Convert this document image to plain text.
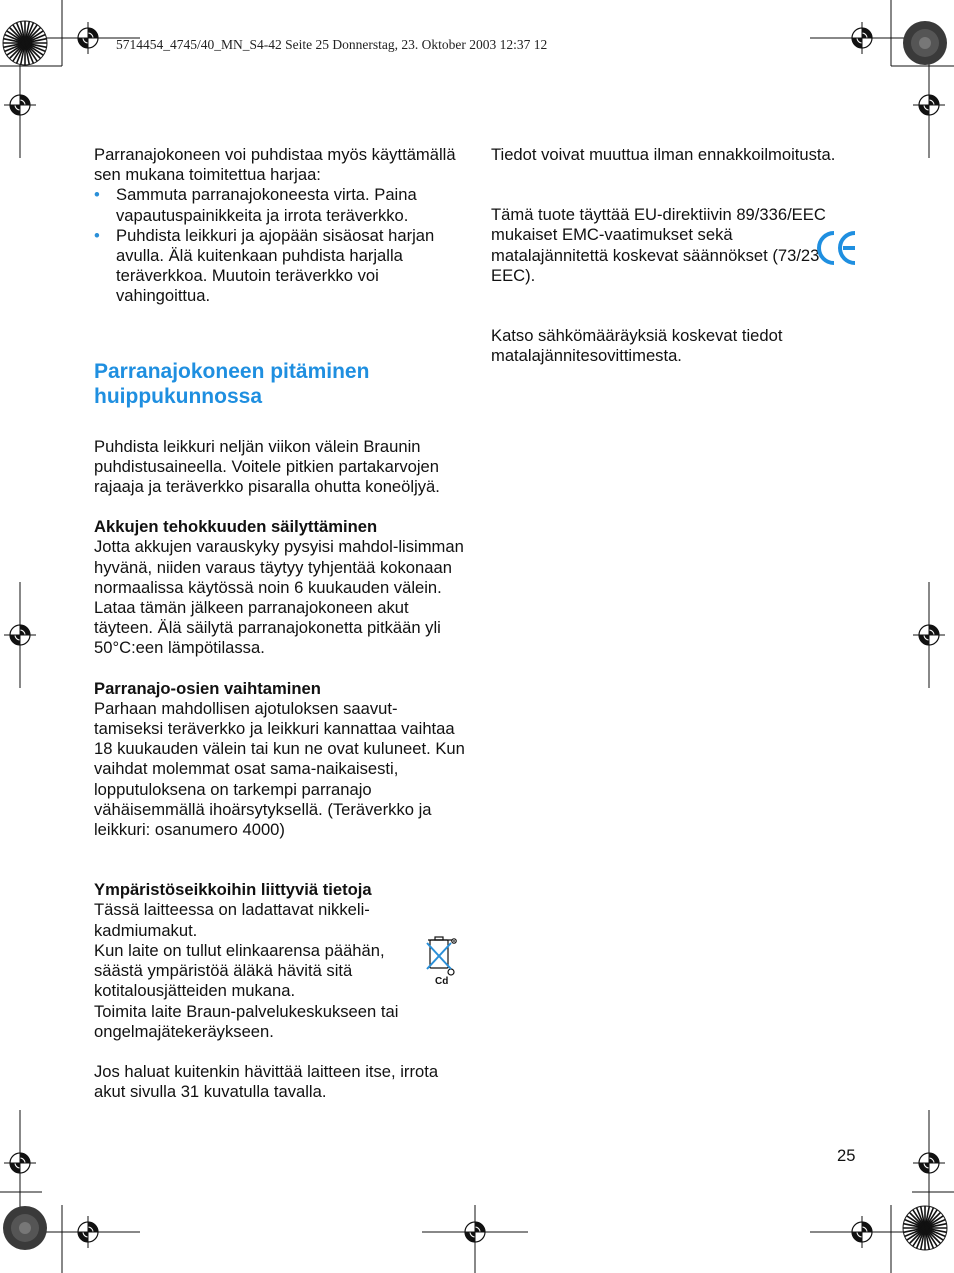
5714454_4745/40_MN_S4-42 Seite 25 Donnerstag, 23. Oktober 2003 12:37 12

Parranajokoneen voi puhdistaa myös käyttämällä sen mukana toimitettua harjaa:

• Sammuta parranajokoneesta virta. Paina vapautuspainikkeita ja irrota teräverkko.
• Puhdista leikkuri ja ajopään sisäosat harjan avulla. Älä kuitenkaan puhdista harjalla teräverkkoa. Muutoin teräverkko voi vahingoittua.
Parranajokoneen pitäminen huippukunnossa

Puhdista leikkuri neljän viikon välein Braunin puhdistusaineella. Voitele pitkien partakarvojen rajaaja ja teräverkko pisaralla ohutta koneöljyä.

Akkujen tehokkuuden säilyttäminen

Jotta akkujen varauskyky pysyisi mahdol-lisimman hyvänä, niiden varaus täytyy tyhjentää kokonaan normaalissa käytössä noin 6 kuukauden välein. Lataa tämän jälkeen parranajokoneen akut täyteen. Älä säilytä parranajokonetta pitkään yli 50°C:een lämpötilassa.

Parranajo-osien vaihtaminen

Parhaan mahdollisen ajotuloksen saavut-tamiseksi teräverkko ja leikkuri kannattaa vaihtaa 18 kuukauden välein tai kun ne ovat kuluneet. Kun vaihdat molemmat osat sama-naikaisesti, lopputuloksena on tarkempi parranajo vähäisemmällä ihoärsytyksellä. (Teräverkko ja leikkuri: osanumero 4000)

Ympäristöseikkoihin liittyviä tietoja

Tässä laitteessa on ladattavat nikkeli-kadmiumakut.

Kun laite on tullut elinkaarensa päähän, säästä ympäristöä äläkä hävitä sitä kotitalousjätteiden mukana.

Toimita laite Braun-palvelukeskukseen tai ongelmajätekeräykseen.

Jos haluat kuitenkin hävittää laitteen itse, irrota akut sivulla 31 kuvatulla tavalla.

Cd

Tiedot voivat muuttua ilman ennakkoilmoitusta.

Tämä tuote täyttää EU-direktiivin 89/336/EEC mukaiset EMC-vaatimukset sekä matalajännitettä koskevat säännökset (73/23 EEC).

Katso sähkömääräyksiä koskevat tiedot matalajännitesovittimesta.

25
